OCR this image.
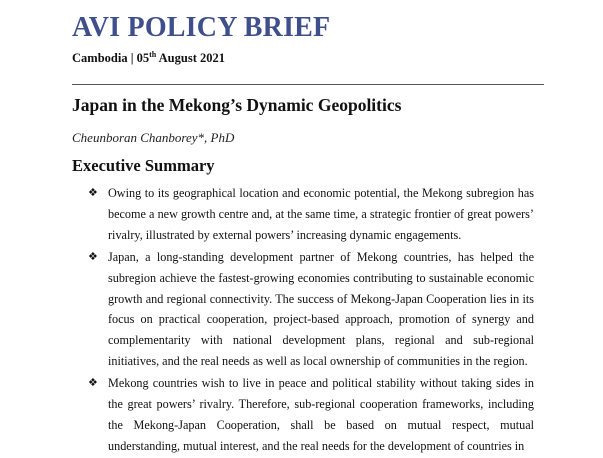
AVI POLICY BRIEF
Cambodia | 05th August 2021
Japan in the Mekong’s Dynamic Geopolitics
Cheunboran Chanborey*, PhD
Executive Summary
❖ Owing to its geographical location and economic potential, the Mekong subregion has become a new growth centre and, at the same time, a strategic frontier of great powers’ rivalry, illustrated by external powers’ increasing dynamic engagements.
❖ Japan, a long-standing development partner of Mekong countries, has helped the subregion achieve the fastest-growing economies contributing to sustainable economic growth and regional connectivity. The success of Mekong-Japan Cooperation lies in its focus on practical cooperation, project-based approach, promotion of synergy and complementarity with national development plans, regional and sub-regional initiatives, and the real needs as well as local ownership of communities in the region.
❖ Mekong countries wish to live in peace and political stability without taking sides in the great powers’ rivalry. Therefore, sub-regional cooperation frameworks, including the Mekong-Japan Cooperation, shall be based on mutual respect, mutual understanding, mutual interest, and the real needs for the development of countries in
